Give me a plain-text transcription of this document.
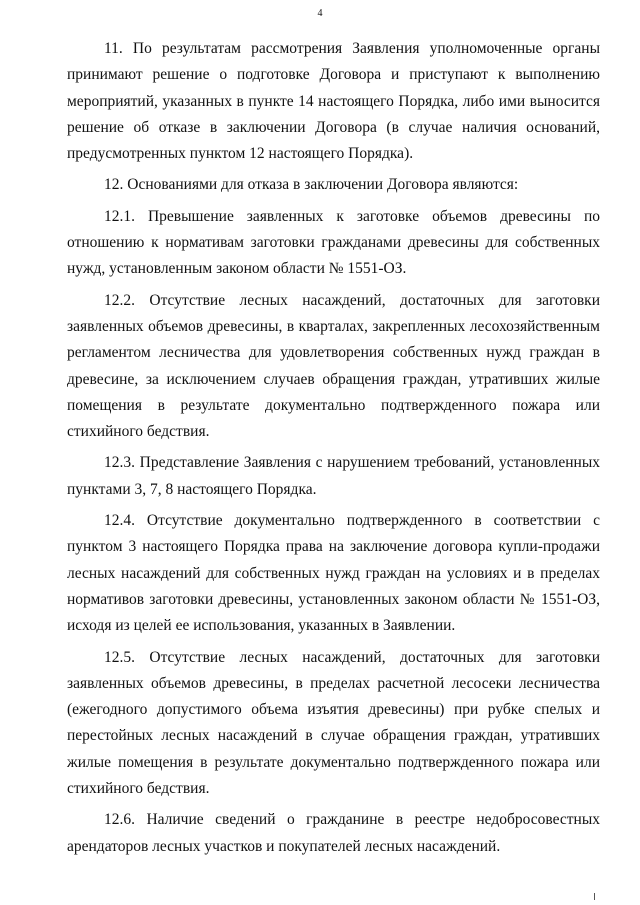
4

11. По результатам рассмотрения Заявления уполномоченные органы принимают решение о подготовке Договора и приступают к выполнению мероприятий, указанных в пункте 14 настоящего Порядка, либо ими выносится решение об отказе в заключении Договора (в случае наличия оснований, предусмотренных пунктом 12 настоящего Порядка).

12. Основаниями для отказа в заключении Договора являются:

12.1. Превышение заявленных к заготовке объемов древесины по отношению к нормативам заготовки гражданами древесины для собственных нужд, установленным законом области № 1551-ОЗ.

12.2. Отсутствие лесных насаждений, достаточных для заготовки заявленных объемов древесины, в кварталах, закрепленных лесохозяйственным регламентом лесничества для удовлетворения собственных нужд граждан в древесине, за исключением случаев обращения граждан, утративших жилые помещения в результате документально подтвержденного пожара или стихийного бедствия.

12.3. Представление Заявления с нарушением требований, установленных пунктами 3, 7, 8 настоящего Порядка.

12.4. Отсутствие документально подтвержденного в соответствии с пунктом 3 настоящего Порядка права на заключение договора купли-продажи лесных насаждений для собственных нужд граждан на условиях и в пределах нормативов заготовки древесины, установленных законом области № 1551-ОЗ, исходя из целей ее использования, указанных в Заявлении.

12.5. Отсутствие лесных насаждений, достаточных для заготовки заявленных объемов древесины, в пределах расчетной лесосеки лесничества (ежегодного допустимого объема изъятия древесины) при рубке спелых и перестойных лесных насаждений в случае обращения граждан, утративших жилые помещения в результате документально подтвержденного пожара или стихийного бедствия.

12.6. Наличие сведений о гражданине в реестре недобросовестных арендаторов лесных участков и покупателей лесных насаждений.
